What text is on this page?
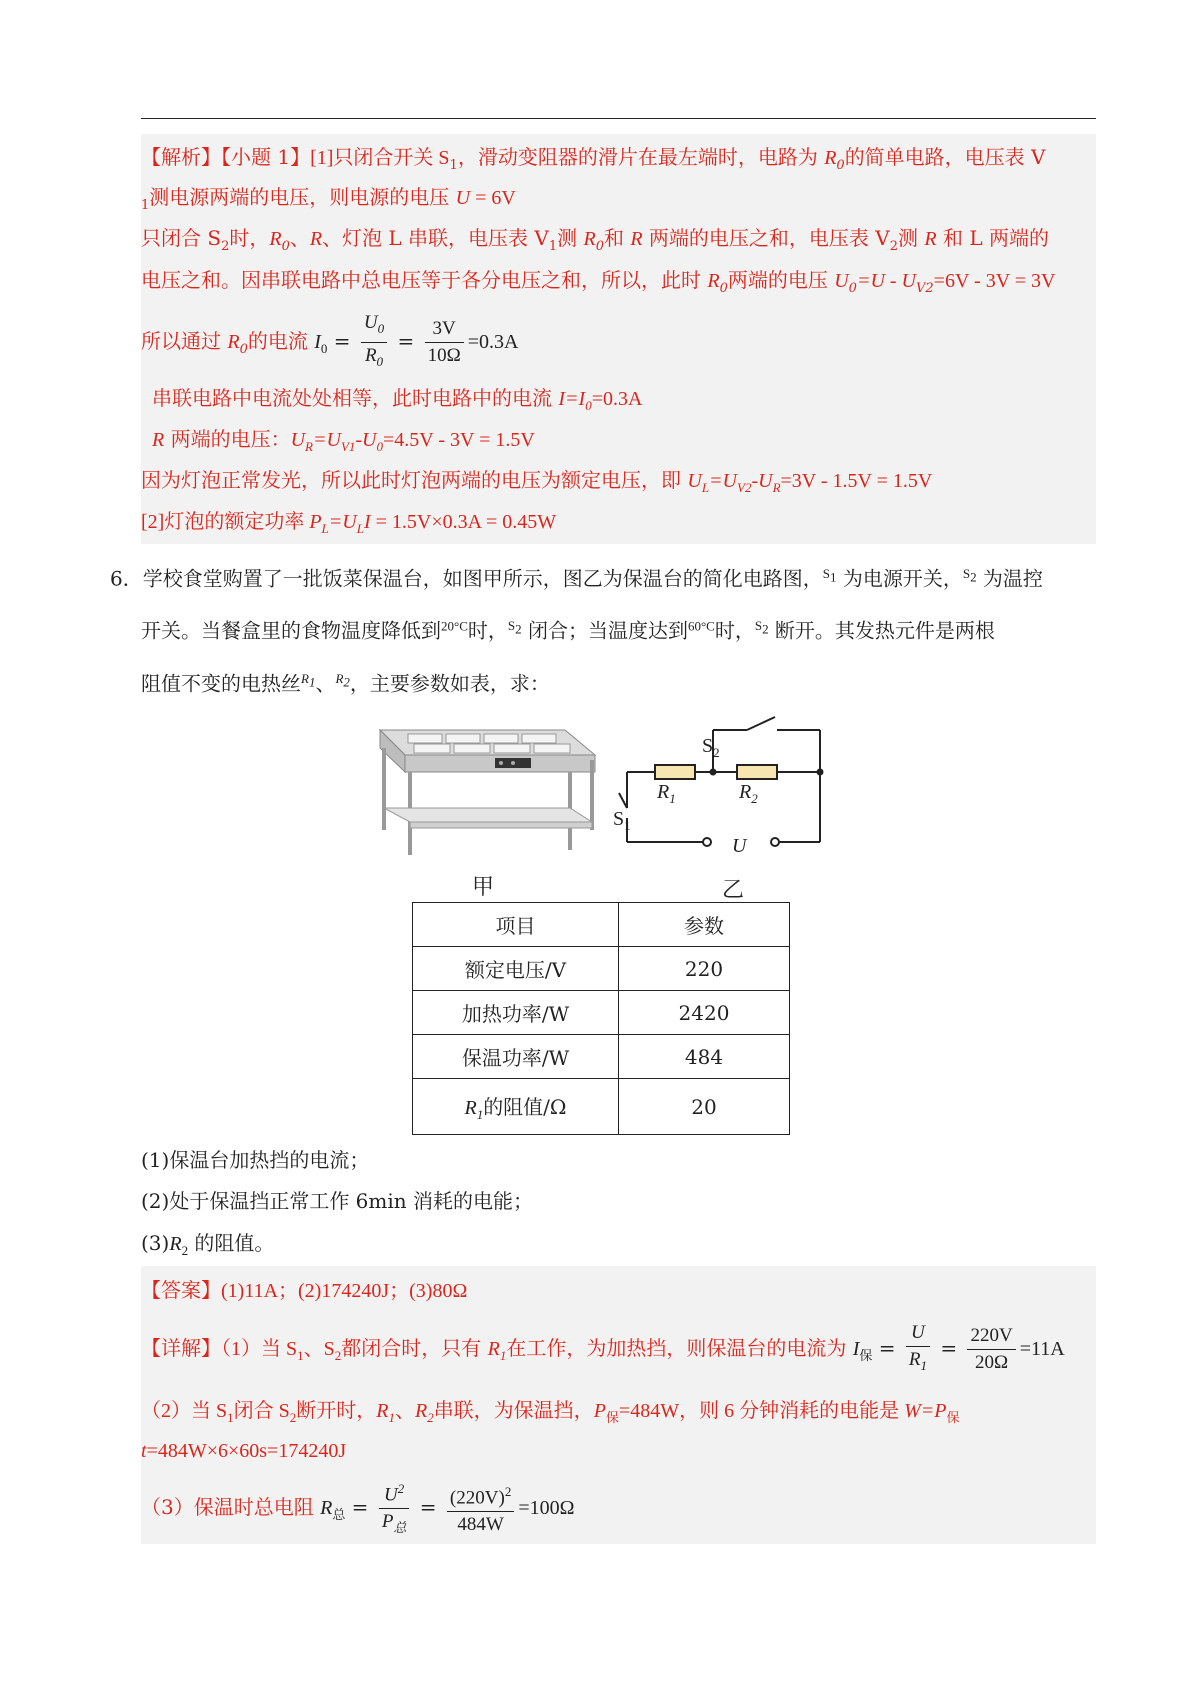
【解析】【小题 1】[1]只闭合开关 $S_1$，滑动变阻器的滑片在最左端时，电路为 $R_0$的简单电路，电压表 V
$_1$测电源两端的电压，则电源的电压 U = 6V
只闭合 $S_2$时，$R_0$、R、灯泡 L 串联，电压表 $V_1$测 $R_0$和 R 两端的电压之和，电压表 $V_2$测 R 和 L 两端的
电压之和。因串联电路中总电压等于各分电压之和，所以，此时 $R_0$两端的电压 $U_0=U - U_{V2}=6V - 3V = 3V$
所以通过 $R_0$的电流 $I_0 = \frac{U_0}{R_0} = \frac{3V}{10\Omega} =0.3A$
串联电路中电流处处相等，此时电路中的电流 $I=I_0=0.3A$
R 两端的电压：$U_R=U_{V1}-U_0=4.5V - 3V = 1.5V$
因为灯泡正常发光，所以此时灯泡两端的电压为额定电压，即 $U_L=U_{V2}-U_R=3V - 1.5V = 1.5V$
[2]灯泡的额定功率 $P_L=U_LI = 1.5V\times 0.3A = 0.45W$
6．学校食堂购置了一批饭菜保温台，如图甲所示，图乙为保温台的简化电路图，$^{S_1}$ 为电源开关，$^{S_2}$ 为温控
开关。当餐盒里的食物温度降低到$^{20^\circ C}$时，$^{S_2}$ 闭合；当温度达到$^{60^\circ C}$时，$^{S_2}$ 断开。其发热元件是两根
阻值不变的电热丝$^{R_1}$、$^{R_2}$，主要参数如表，求：
$S_2$
$R_1$	$R_2$
$S_1$
U
甲	乙
项目	参数
额定电压/V	220
加热功率/W	2420
保温功率/W	484
$R_1$的阻值/Ω	20
(1)保温台加热挡的电流；
(2)处于保温挡正常工作 6min 消耗的电能；
$(3)R_2$ 的阻值。
【答案】(1)11A；(2)174240J；(3)80Ω
【详解】（1）当 $S_1$、$S_2$都闭合时，只有 $R_1$在工作，为加热挡，则保温台的电流为 $I_保 = \frac{U}{R_1} = \frac{220V}{20\Omega} =11A$
（2）当 $S_1$闭合 $S_2$断开时，$R_1$、$R_2$串联，为保温挡，$P_保=484W$，则 6 分钟消耗的电能是 $W=P_保$
t=484W×6×60s=174240J
（3）保温时总电阻 $R_总 = \frac{U^2}{P_总} = \frac{(220V)^2}{484W} =100\Omega$
